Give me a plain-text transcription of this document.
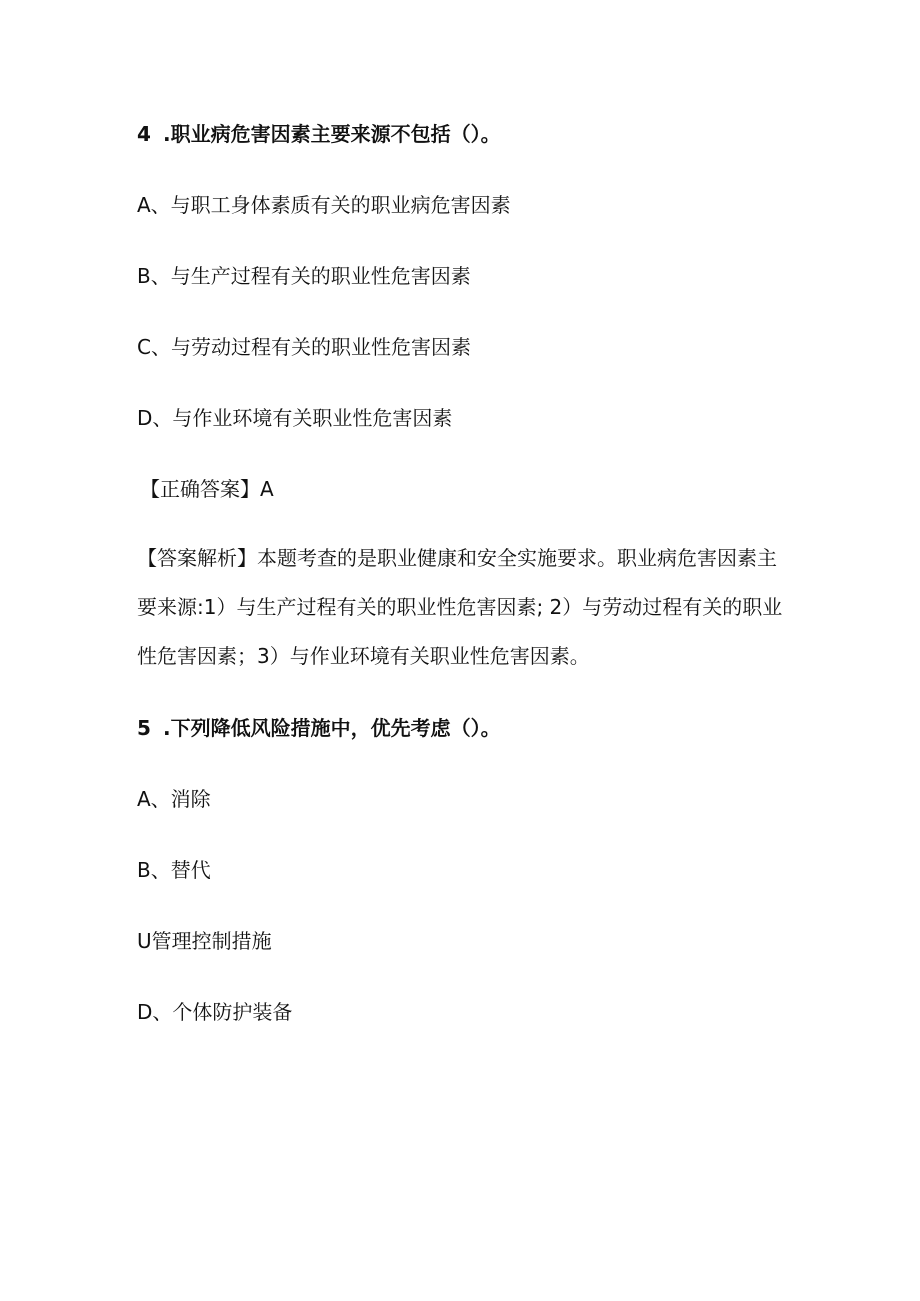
4 .职业病危害因素主要来源不包括（）。
A、与职工身体素质有关的职业病危害因素
B、与生产过程有关的职业性危害因素
C、与劳动过程有关的职业性危害因素
D、与作业环境有关职业性危害因素
【正确答案】A
【答案解析】本题考查的是职业健康和安全实施要求。职业病危害因素主
要来源:1）与生产过程有关的职业性危害因素; 2）与劳动过程有关的职业
性危害因素；3）与作业环境有关职业性危害因素。
5 .下列降低风险措施中，优先考虑（）。
A、消除
B、替代
U管理控制措施
D、个体防护装备
